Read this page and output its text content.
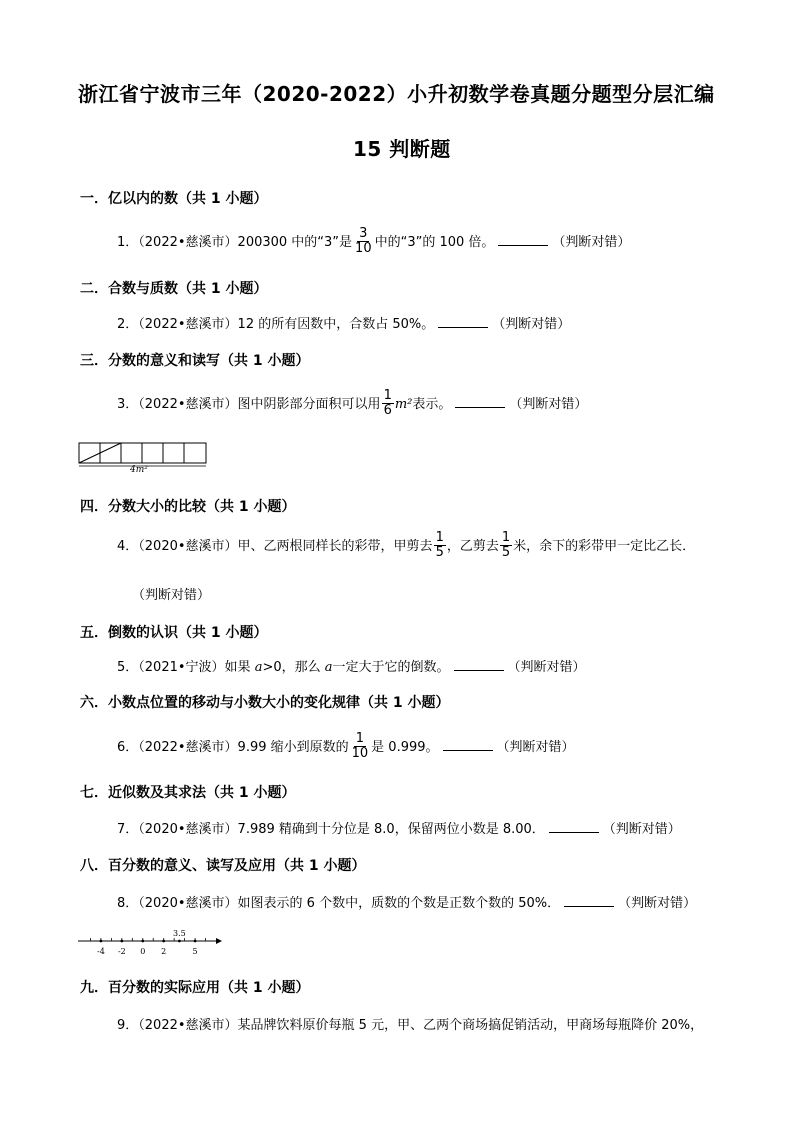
浙江省宁波市三年（2020-2022）小升初数学卷真题分题型分层汇编
15 判断题
一．亿以内的数（共 1 小题）
1．（2022•慈溪市）200300 中的“3”是 $\frac{3}{10}$ 中的“3”的 100 倍。	（判断对错）
二．合数与质数（共 1 小题）
2．（2022•慈溪市）12 的所有因数中，合数占 50%。	（判断对错）
三．分数的意义和读写（共 1 小题）
3．（2022•慈溪市）图中阴影部分面积可以用 $\frac{1}{6} m^2$表示。	（判断对错）
4m²
四．分数大小的比较（共 1 小题）
4．（2020•慈溪市）甲、乙两根同样长的彩带，甲剪去 $\frac{1}{5}$ ，乙剪去 $\frac{1}{5}$ 米，余下的彩带甲一定比乙长．
（判断对错）
五．倒数的认识（共 1 小题）
5．（2021•宁波）如果 a>0，那么 a一定大于它的倒数。	（判断对错）
六．小数点位置的移动与小数大小的变化规律（共 1 小题）
6．（2022•慈溪市）9.99 缩小到原数的 $\frac{1}{10}$ 是 0.999。	（判断对错）
七．近似数及其求法（共 1 小题）
7．（2020•慈溪市）7.989 精确到十分位是 8.0，保留两位小数是 8.00．	（判断对错）
八．百分数的意义、读写及应用（共 1 小题）
8．（2020•慈溪市）如图表示的 6 个数中，质数的个数是正数个数的 50%．	（判断对错）
-4 -2 0 2
3.5
5
九．百分数的实际应用（共 1 小题）
9．（2022•慈溪市）某品牌饮料原价每瓶 5 元，甲、乙两个商场搞促销活动，甲商场每瓶降价 20%，
